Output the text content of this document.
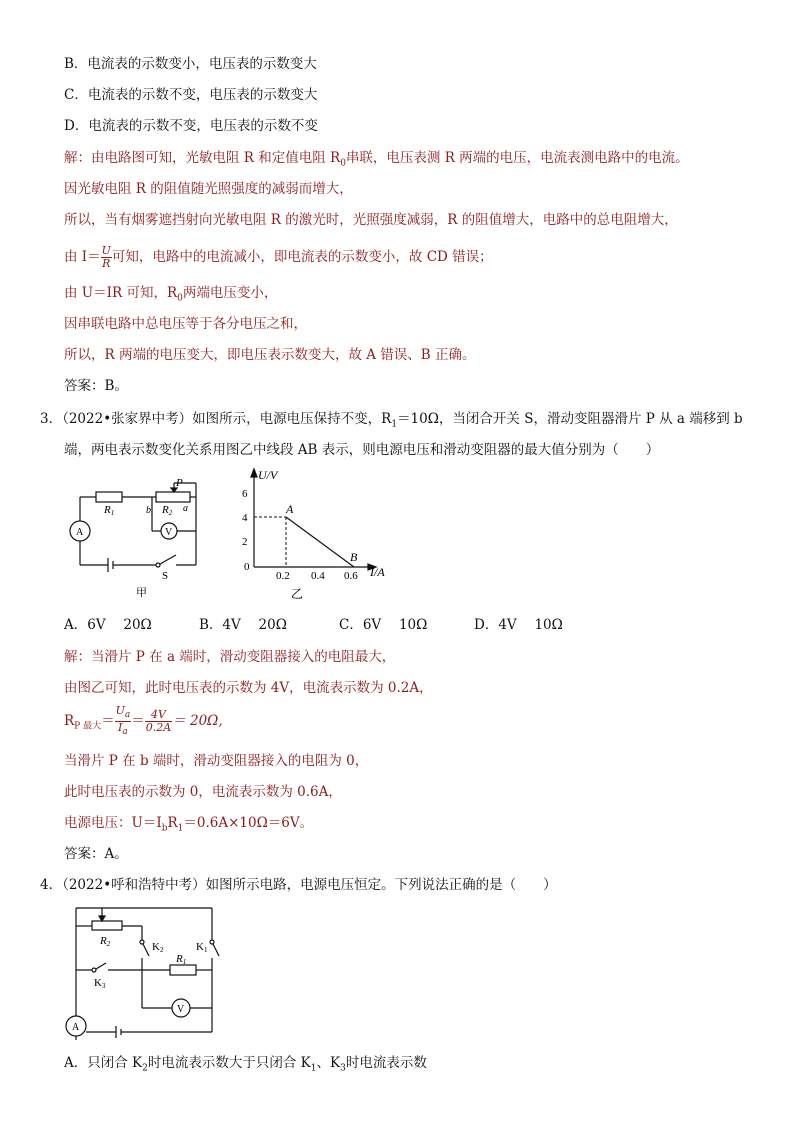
B．电流表的示数变小，电压表的示数变大
C．电流表的示数不变，电压表的示数变大
D．电流表的示数不变，电压表的示数不变
解：由电路图可知，光敏电阻 R 和定值电阻 $R_0$串联，电压表测 R 两端的电压，电流表测电路中的电流。
因光敏电阻 R 的阻值随光照强度的减弱而增大，
所以，当有烟雾遮挡射向光敏电阻 R 的激光时，光照强度减弱，R 的阻值增大，电路中的总电阻增大，
由 $I= \frac{U}{R}$ 可知，电路中的电流减小，即电流表的示数变小，故 CD 错误；
由 U＝IR 可知，$R_0$两端电压变小，
因串联电路中总电压等于各分电压之和，
所以，R 两端的电压变大，即电压表示数变大，故 A 错误、B 正确。
答案：B。
3．（2022•张家界中考）如图所示，电源电压保持不变，$R_1=10\Omega$，当闭合开关 S，滑动变阻器滑片 P 从 a 端移到 b
端，两电表示数变化关系用图乙中线段 AB 表示，则电源电压和滑动变阻器的最大值分别为（　　）
R1	R2
P
b	a
A	V
S
甲
U/V
I/A
6
4
2
0
0.2 0.4 0.6
A
B
乙
A．6V　 20Ω	B．4V　 20Ω	C．6V　 10Ω	D．4V　 10Ω
解：当滑片 P 在 a 端时，滑动变阻器接入的电阻最大，
由图乙可知，此时电压表的示数为 4V，电流表示数为 0.2A，
$R_{P 最大}= \frac{U_a}{I_a} = \frac{4V}{0.2A} = 20\Omega$,
当滑片 P 在 b 端时，滑动变阻器接入的电阻为 0，
此时电压表的示数为 0，电流表示数为 0.6A，
电源电压：$U=I_bR_1=0.6A\times 10\Omega=6V$。
答案：A。
4．（2022•呼和浩特中考）如图所示电路，电源电压恒定。下列说法正确的是（　　）
R2	K2	K1
R1
K3
A
V
A．只闭合 $K_2$时电流表示数大于只闭合 $K_1$、$K_3$时电流表示数
